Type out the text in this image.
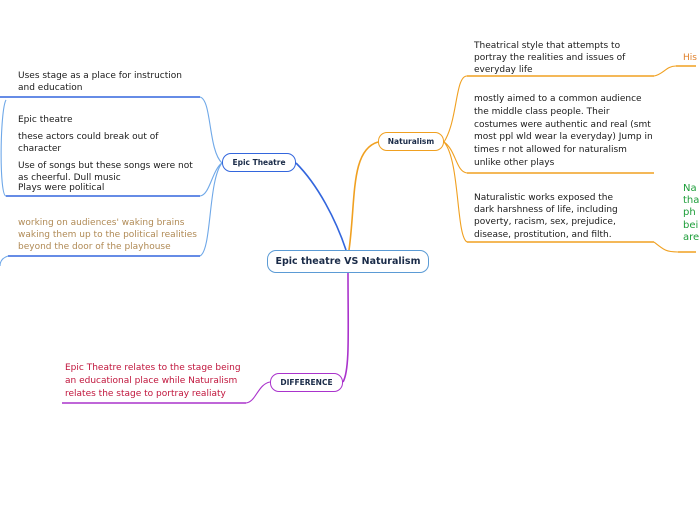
Epic theatre VS Naturalism
Epic Theatre
Naturalism
DIFFERENCE
Uses stage as a place for instruction and education
Epic theatre
these actors could break out of character
Use of songs but these songs were not as cheerful. Dull music
Plays were political
working on audiences' waking brains waking them up to the political realities beyond the door of the playhouse
Theatrical style that attempts to portray the realities and issues of everyday life
mostly aimed to a common audience the middle class people. Their costumes were authentic and real (smt most ppl wld wear la everyday) Jump in times r not allowed for naturalism unlike other plays
Naturalistic works exposed the dark harshness of life, including poverty, racism, sex, prejudice, disease, prostitution, and filth.
His
Na
tha
ph
bei
are
Epic Theatre relates to the stage being an educational place while Naturalism relates the stage to portray realiaty
